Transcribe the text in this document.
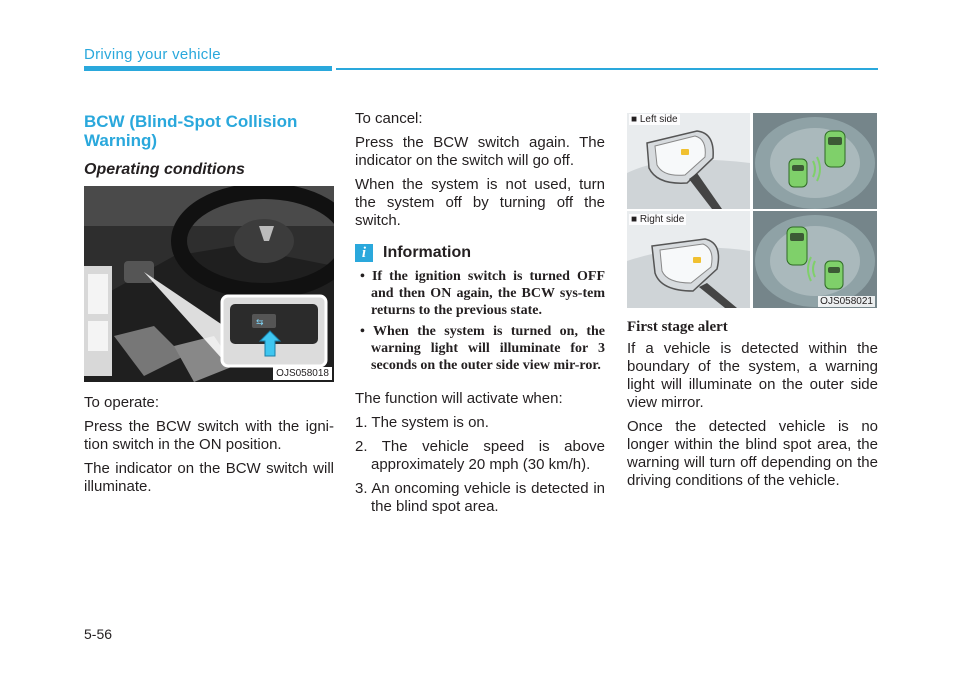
Driving your vehicle
BCW (Blind-Spot Collision Warning)
Operating conditions
⇆
OJS058018

To operate:

Press the BCW switch with the igni-tion switch in the ON position.

The indicator on the BCW switch will illuminate.

To cancel:

Press the BCW switch again. The indicator on the switch will go off.

When the system is not used, turn the system off by turning off the switch.

i	Information
• If the ignition switch is turned OFF and then ON again, the BCW sys-tem returns to the previous state.
• When the system is turned on, the warning light will illuminate for 3 seconds on the outer side view mir-ror.

The function will activate when:

1. The system is on.
2. The vehicle speed is above approximately 20 mph (30 km/h).
3. An oncoming vehicle is detected in the blind spot area.
■ Left side
■ Right side
OJS058021
First stage alert

If a vehicle is detected within the boundary of the system, a warning light will illuminate on the outer side view mirror.

Once the detected vehicle is no longer within the blind spot area, the warning will turn off depending on the driving conditions of the vehicle.

5-56
